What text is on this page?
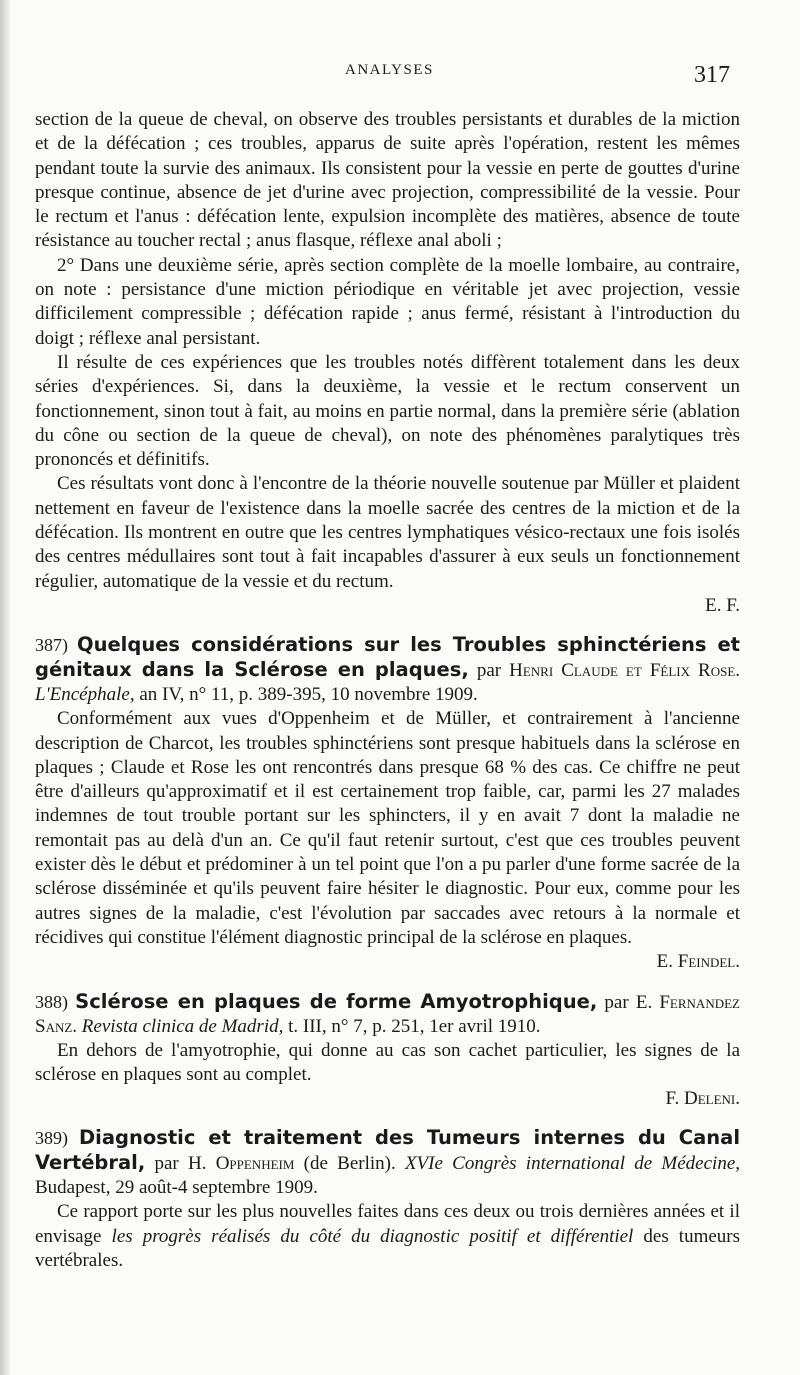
ANALYSES	317

section de la queue de cheval, on observe des troubles persistants et durables de la miction et de la défécation ; ces troubles, apparus de suite après l'opération, restent les mêmes pendant toute la survie des animaux. Ils consistent pour la vessie en perte de gouttes d'urine presque continue, absence de jet d'urine avec projection, compressibilité de la vessie. Pour le rectum et l'anus : défécation lente, expulsion incomplète des matières, absence de toute résistance au toucher rectal ; anus flasque, réflexe anal aboli ;

2° Dans une deuxième série, après section complète de la moelle lombaire, au contraire, on note : persistance d'une miction périodique en véritable jet avec projection, vessie difficilement compressible ; défécation rapide ; anus fermé, résistant à l'introduction du doigt ; réflexe anal persistant.

Il résulte de ces expériences que les troubles notés diffèrent totalement dans les deux séries d'expériences. Si, dans la deuxième, la vessie et le rectum conservent un fonctionnement, sinon tout à fait, au moins en partie normal, dans la première série (ablation du cône ou section de la queue de cheval), on note des phénomènes paralytiques très prononcés et définitifs.

Ces résultats vont donc à l'encontre de la théorie nouvelle soutenue par Müller et plaident nettement en faveur de l'existence dans la moelle sacrée des centres de la miction et de la défécation. Ils montrent en outre que les centres lymphatiques vésico-rectaux une fois isolés des centres médullaires sont tout à fait incapables d'assurer à eux seuls un fonctionnement régulier, automatique de la vessie et du rectum.

E. F.

387) Quelques considérations sur les Troubles sphinctériens et génitaux dans la Sclérose en plaques, par Henri Claude et Félix Rose. L'Encéphale, an IV, n° 11, p. 389-395, 10 novembre 1909.

Conformément aux vues d'Oppenheim et de Müller, et contrairement à l'ancienne description de Charcot, les troubles sphinctériens sont presque habituels dans la sclérose en plaques ; Claude et Rose les ont rencontrés dans presque 68 % des cas. Ce chiffre ne peut être d'ailleurs qu'approximatif et il est certainement trop faible, car, parmi les 27 malades indemnes de tout trouble portant sur les sphincters, il y en avait 7 dont la maladie ne remontait pas au delà d'un an. Ce qu'il faut retenir surtout, c'est que ces troubles peuvent exister dès le début et prédominer à un tel point que l'on a pu parler d'une forme sacrée de la sclérose disséminée et qu'ils peuvent faire hésiter le diagnostic. Pour eux, comme pour les autres signes de la maladie, c'est l'évolution par saccades avec retours à la normale et récidives qui constitue l'élément diagnostic principal de la sclérose en plaques.

E. Feindel.

388) Sclérose en plaques de forme Amyotrophique, par E. Fernandez Sanz. Revista clinica de Madrid, t. III, n° 7, p. 251, 1er avril 1910.

En dehors de l'amyotrophie, qui donne au cas son cachet particulier, les signes de la sclérose en plaques sont au complet.

F. Deleni.

389) Diagnostic et traitement des Tumeurs internes du Canal Vertébral, par H. Oppenheim (de Berlin). XVIe Congrès international de Médecine, Budapest, 29 août-4 septembre 1909.

Ce rapport porte sur les plus nouvelles faites dans ces deux ou trois dernières années et il envisage les progrès réalisés du côté du diagnostic positif et différentiel des tumeurs vertébrales.
